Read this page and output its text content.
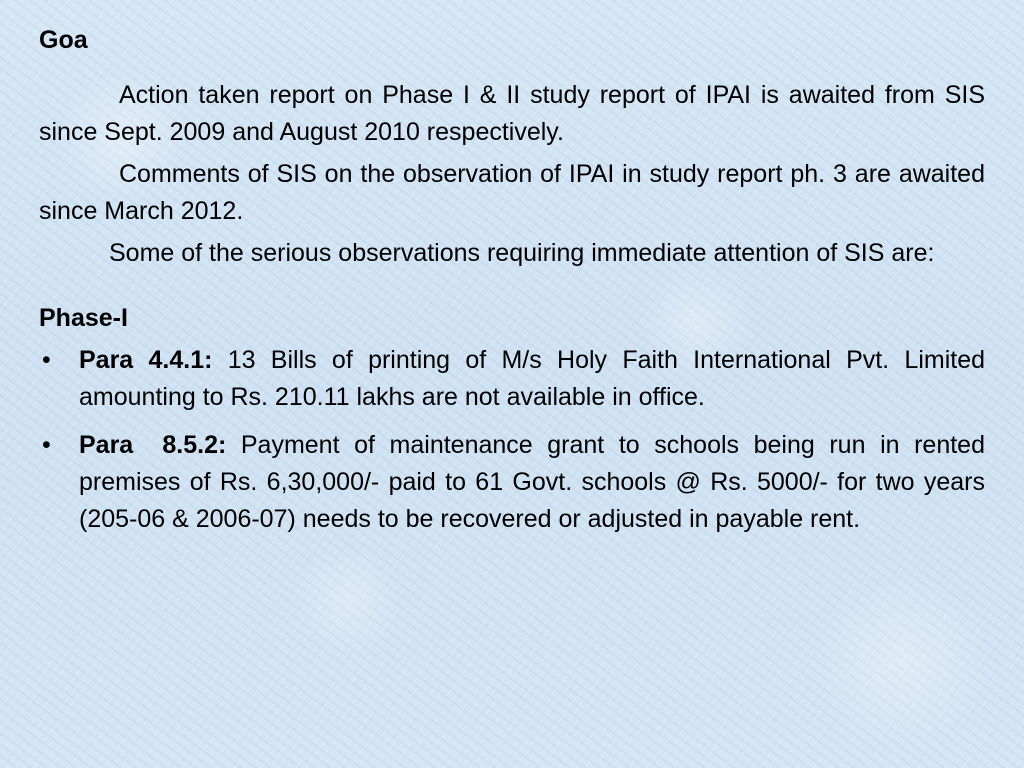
Goa
Action taken report on Phase I & II study report of IPAI is awaited from SIS since Sept. 2009 and August 2010 respectively.
Comments of SIS on the observation of IPAI in study report ph. 3 are awaited since March 2012.
Some of the serious observations requiring immediate attention of SIS are:
Phase-I
• Para 4.4.1: 13 Bills of printing of M/s Holy Faith International Pvt. Limited amounting to Rs. 210.11 lakhs are not available in office.
• Para  8.5.2: Payment of maintenance grant to schools being run in rented premises of Rs. 6,30,000/- paid to 61 Govt. schools @ Rs. 5000/- for two years (205-06 & 2006-07) needs to be recovered or adjusted in payable rent.
